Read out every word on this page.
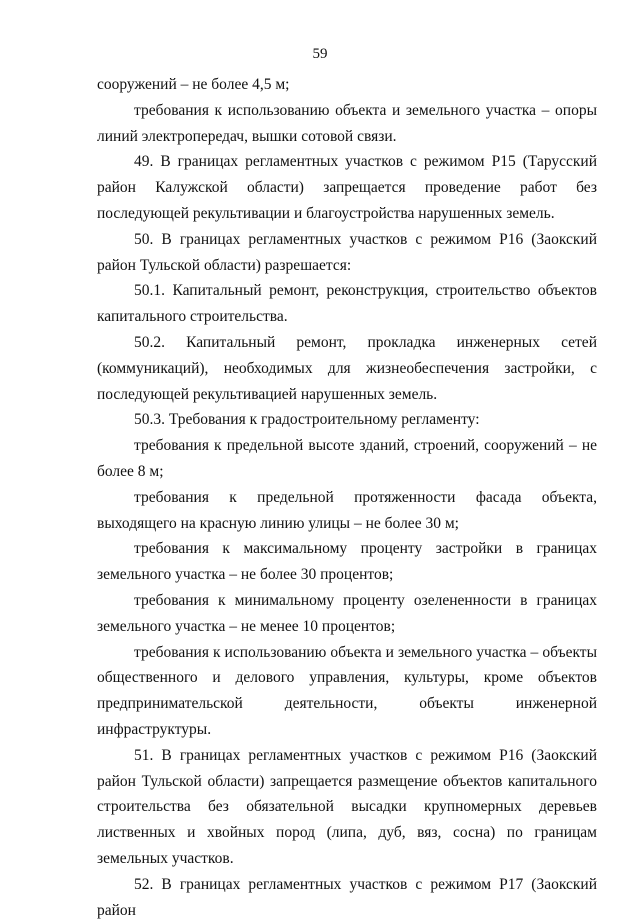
59

сооружений – не более 4,5 м;

требования к использованию объекта и земельного участка – опоры линий электропередач, вышки сотовой связи.

49. В границах регламентных участков с режимом Р15 (Тарусский район Калужской области) запрещается проведение работ без последующей рекультивации и благоустройства нарушенных земель.

50. В границах регламентных участков с режимом Р16 (Заокский район Тульской области) разрешается:

50.1. Капитальный ремонт, реконструкция, строительство объектов капитального строительства.

50.2. Капитальный ремонт, прокладка инженерных сетей (коммуникаций), необходимых для жизнеобеспечения застройки, с последующей рекультивацией нарушенных земель.

50.3. Требования к градостроительному регламенту:

требования к предельной высоте зданий, строений, сооружений – не более 8 м;

требования к предельной протяженности фасада объекта, выходящего на красную линию улицы – не более 30 м;

требования к максимальному проценту застройки в границах земельного участка – не более 30 процентов;

требования к минимальному проценту озелененности в границах земельного участка – не менее 10 процентов;

требования к использованию объекта и земельного участка – объекты общественного и делового управления, культуры, кроме объектов предпринимательской деятельности, объекты инженерной инфраструктуры.

51. В границах регламентных участков с режимом Р16 (Заокский район Тульской области) запрещается размещение объектов капитального строительства без обязательной высадки крупномерных деревьев лиственных и хвойных пород (липа, дуб, вяз, сосна) по границам земельных участков.

52. В границах регламентных участков с режимом Р17 (Заокский район
